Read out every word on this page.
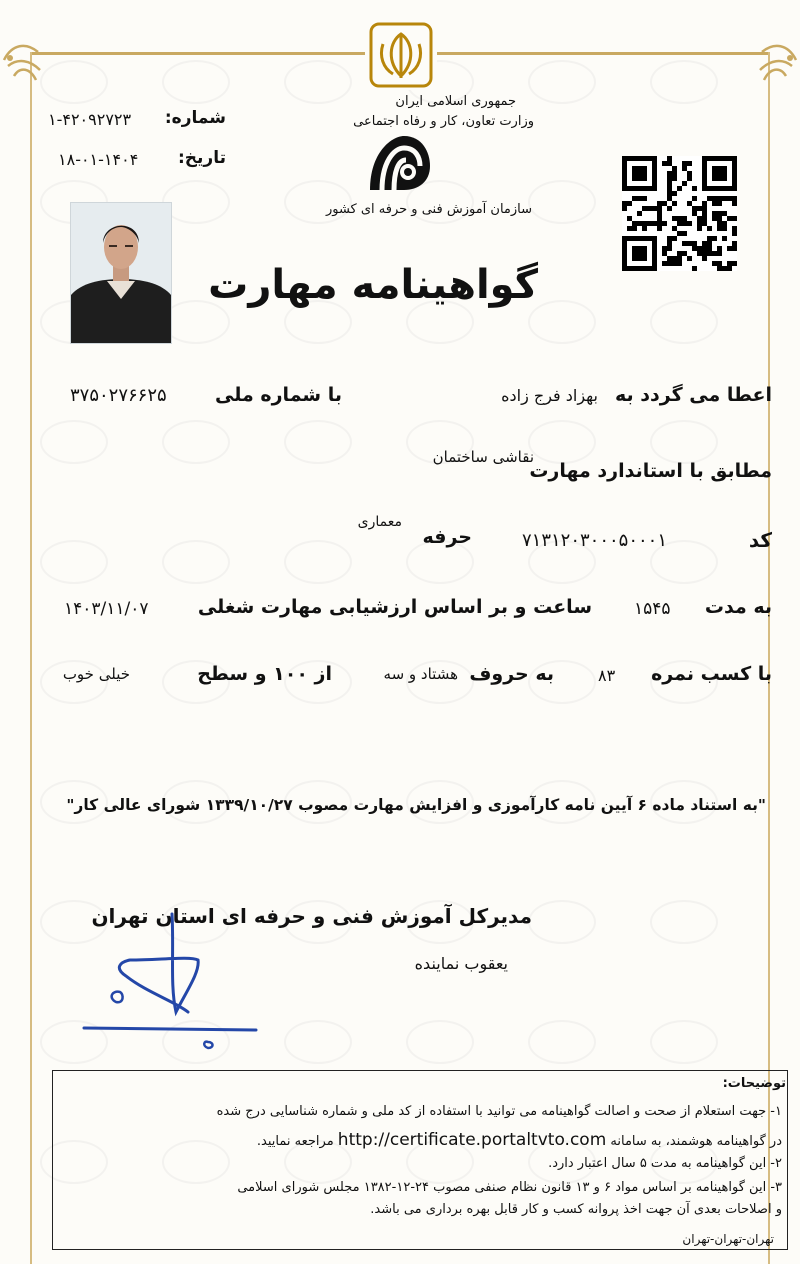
جمهوری اسلامی ایران
وزارت تعاون، کار و رفاه اجتماعی
سازمان آموزش فنی و حرفه ای کشور
شماره:
۱-۴۲۰۹۲۷۲۳
تاریخ:
۱۸-۰۱-۱۴۰۴
گواهینامه مهارت
اعطا می گردد به
بهزاد فرج زاده
با شماره ملی
۳۷۵۰۲۷۶۶۲۵
نقاشی ساختمان
مطابق با استاندارد مهارت
کد
۷۱۳۱۲۰۳۰۰۰۵۰۰۰۱
معماری
حرفه
به مدت
۱۵۴۵
ساعت و بر اساس ارزشیابی مهارت شغلی
۱۴۰۳/۱۱/۰۷
با کسب نمره
۸۳
به حروف
هشتاد و سه
از ۱۰۰ و سطح
خیلی خوب
"به استناد ماده ۶ آیین نامه کارآموزی و افزایش مهارت مصوب ۱۳۳۹/۱۰/۲۷ شورای عالی کار"
مدیرکل آموزش فنی و حرفه ای استان تهران
یعقوب نماینده
توضیحات:
۱- جهت استعلام از صحت و اصالت گواهینامه می توانید با استفاده از کد ملی و شماره شناسایی درج شده
در گواهینامه هوشمند، به سامانه http://certificate.portaltvto.com مراجعه نمایید.
۲- این گواهینامه به مدت ۵ سال اعتبار دارد.
۳- این گواهینامه بر اساس مواد ۶ و ۱۳ قانون نظام صنفی مصوب ۲۴-۱۲-۱۳۸۲ مجلس شورای اسلامی
و اصلاحات بعدی آن جهت اخذ پروانه کسب و کار قابل بهره برداری می باشد.
تهران-تهران-تهران
